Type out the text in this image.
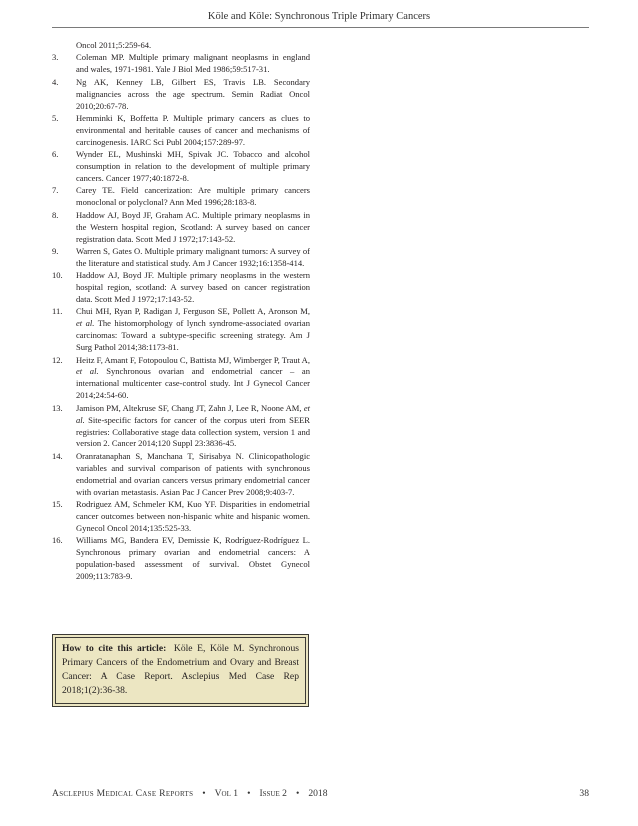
Köle and Köle: Synchronous Triple Primary Cancers
Oncol 2011;5:259-64.
3.	Coleman MP. Multiple primary malignant neoplasms in england and wales, 1971-1981. Yale J Biol Med 1986;59:517-31.
4.	Ng AK, Kenney LB, Gilbert ES, Travis LB. Secondary malignancies across the age spectrum. Semin Radiat Oncol 2010;20:67-78.
5.	Hemminki K, Boffetta P. Multiple primary cancers as clues to environmental and heritable causes of cancer and mechanisms of carcinogenesis. IARC Sci Publ 2004;157:289-97.
6.	Wynder EL, Mushinski MH, Spivak JC. Tobacco and alcohol consumption in relation to the development of multiple primary cancers. Cancer 1977;40:1872-8.
7.	Carey TE. Field cancerization: Are multiple primary cancers monoclonal or polyclonal? Ann Med 1996;28:183-8.
8.	Haddow AJ, Boyd JF, Graham AC. Multiple primary neoplasms in the Western hospital region, Scotland: A survey based on cancer registration data. Scott Med J 1972;17:143-52.
9.	Warren S, Gates O. Multiple primary malignant tumors: A survey of the literature and statistical study. Am J Cancer 1932;16:1358-414.
10.	Haddow AJ, Boyd JF. Multiple primary neoplasms in the western hospital region, scotland: A survey based on cancer registration data. Scott Med J 1972;17:143-52.
11.	Chui MH, Ryan P, Radigan J, Ferguson SE, Pollett A, Aronson M, et al. The histomorphology of lynch syndrome-associated ovarian carcinomas: Toward a subtype-specific screening strategy. Am J Surg Pathol 2014;38:1173-81.
12.	Heitz F, Amant F, Fotopoulou C, Battista MJ, Wimberger P, Traut A, et al. Synchronous ovarian and endometrial cancer – an international multicenter case-control study. Int J Gynecol Cancer 2014;24:54-60.
13.	Jamison PM, Altekruse SF, Chang JT, Zahn J, Lee R, Noone AM, et al. Site-specific factors for cancer of the corpus uteri from SEER registries: Collaborative stage data collection system, version 1 and version 2. Cancer 2014;120 Suppl 23:3836-45.
14.	Oranratanaphan S, Manchana T, Sirisabya N. Clinicopathologic variables and survival comparison of patients with synchronous endometrial and ovarian cancers versus primary endometrial cancer with ovarian metastasis. Asian Pac J Cancer Prev 2008;9:403-7.
15.	Rodriguez AM, Schmeler KM, Kuo YF. Disparities in endometrial cancer outcomes between non-hispanic white and hispanic women. Gynecol Oncol 2014;135:525-33.
16.	Williams MG, Bandera EV, Demissie K, Rodríguez-Rodríguez L. Synchronous primary ovarian and endometrial cancers: A population-based assessment of survival. Obstet Gynecol 2009;113:783-9.
How to cite this article: Köle E, Köle M. Synchronous Primary Cancers of the Endometrium and Ovary and Breast Cancer: A Case Report. Asclepius Med Case Rep 2018;1(2):36-38.
Asclepius Medical Case Reports • Vol 1 • Issue 2 • 2018	38
